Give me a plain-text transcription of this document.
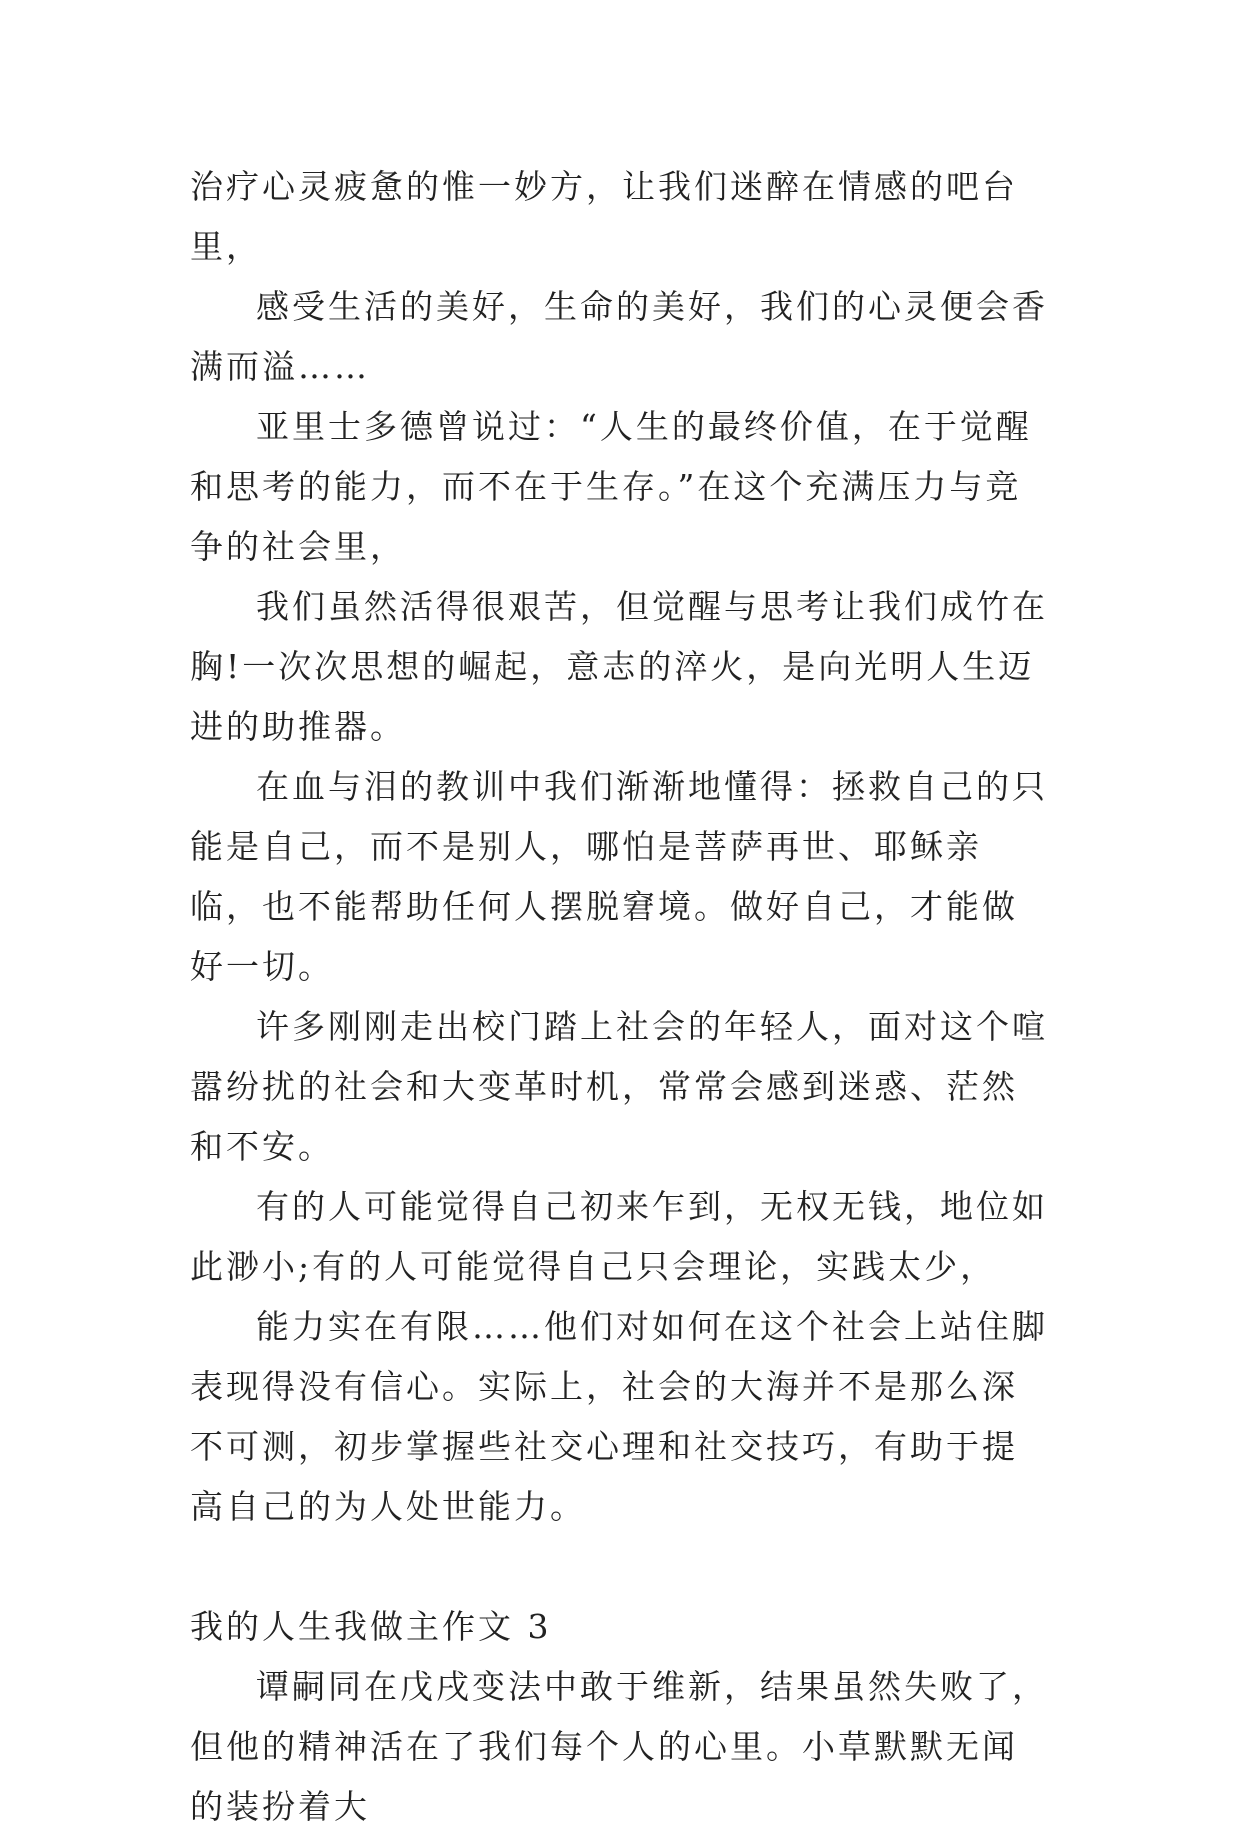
治疗心灵疲惫的惟一妙方，让我们迷醉在情感的吧台里，

感受生活的美好，生命的美好，我们的心灵便会香满而溢……

亚里士多德曾说过：“人生的最终价值，在于觉醒和思考的能力，而不在于生存。”在这个充满压力与竞争的社会里，

我们虽然活得很艰苦，但觉醒与思考让我们成竹在胸!一次次思想的崛起，意志的淬火，是向光明人生迈进的助推器。

在血与泪的教训中我们渐渐地懂得：拯救自己的只能是自己，而不是别人，哪怕是菩萨再世、耶稣亲临，也不能帮助任何人摆脱窘境。做好自己，才能做好一切。

许多刚刚走出校门踏上社会的年轻人，面对这个喧嚣纷扰的社会和大变革时机，常常会感到迷惑、茫然和不安。

有的人可能觉得自己初来乍到，无权无钱，地位如此渺小;有的人可能觉得自己只会理论，实践太少，

能力实在有限……他们对如何在这个社会上站住脚表现得没有信心。实际上，社会的大海并不是那么深不可测，初步掌握些社交心理和社交技巧，有助于提高自己的为人处世能力。

我的人生我做主作文 3

谭嗣同在戊戌变法中敢于维新，结果虽然失败了，但他的精神活在了我们每个人的心里。小草默默无闻的装扮着大
